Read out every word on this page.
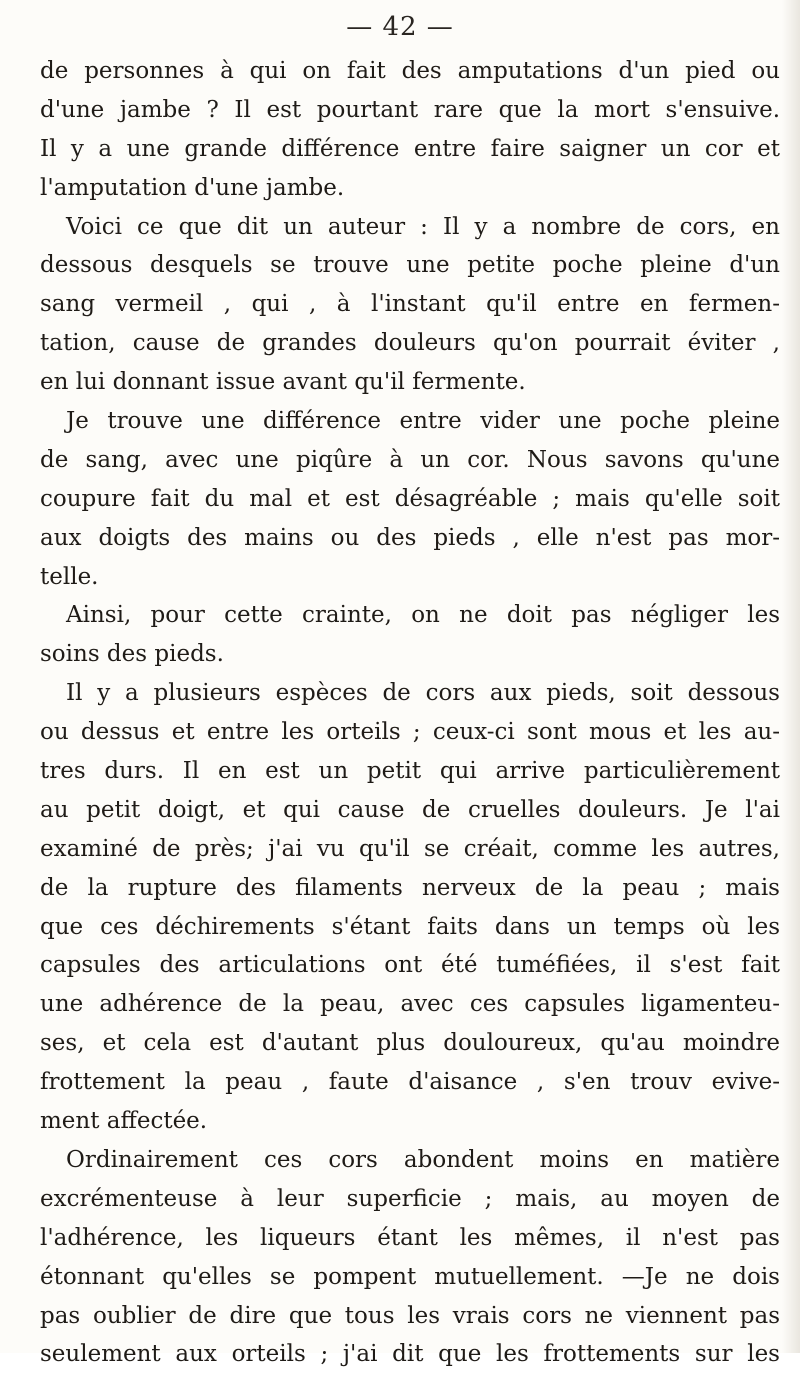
— 42 —
de personnes à qui on fait des amputations d'un pied ou
d'une jambe ? Il est pourtant rare que la mort s'ensuive.
Il y a une grande différence entre faire saigner un cor et
l'amputation d'une jambe.
Voici ce que dit un auteur : Il y a nombre de cors, en
dessous desquels se trouve une petite poche pleine d'un
sang vermeil , qui , à l'instant qu'il entre en fermen-
tation, cause de grandes douleurs qu'on pourrait éviter ,
en lui donnant issue avant qu'il fermente.
Je trouve une différence entre vider une poche pleine
de sang, avec une piqûre à un cor. Nous savons qu'une
coupure fait du mal et est désagréable ; mais qu'elle soit
aux doigts des mains ou des pieds , elle n'est pas mor-
telle.
Ainsi, pour cette crainte, on ne doit pas négliger les
soins des pieds.
Il y a plusieurs espèces de cors aux pieds, soit dessous
ou dessus et entre les orteils ; ceux-ci sont mous et les au-
tres durs. Il en est un petit qui arrive particulièrement
au petit doigt, et qui cause de cruelles douleurs. Je l'ai
examiné de près; j'ai vu qu'il se créait, comme les autres,
de la rupture des filaments nerveux de la peau ; mais
que ces déchirements s'étant faits dans un temps où les
capsules des articulations ont été tuméfiées, il s'est fait
une adhérence de la peau, avec ces capsules ligamenteu-
ses, et cela est d'autant plus douloureux, qu'au moindre
frottement la peau , faute d'aisance , s'en trouv evive-
ment affectée.
Ordinairement ces cors abondent moins en matière
excrémenteuse à leur superficie ; mais, au moyen de
l'adhérence, les liqueurs étant les mêmes, il n'est pas
étonnant qu'elles se pompent mutuellement. —Je ne dois
pas oublier de dire que tous les vrais cors ne viennent pas
seulement aux orteils ; j'ai dit que les frottements sur les
